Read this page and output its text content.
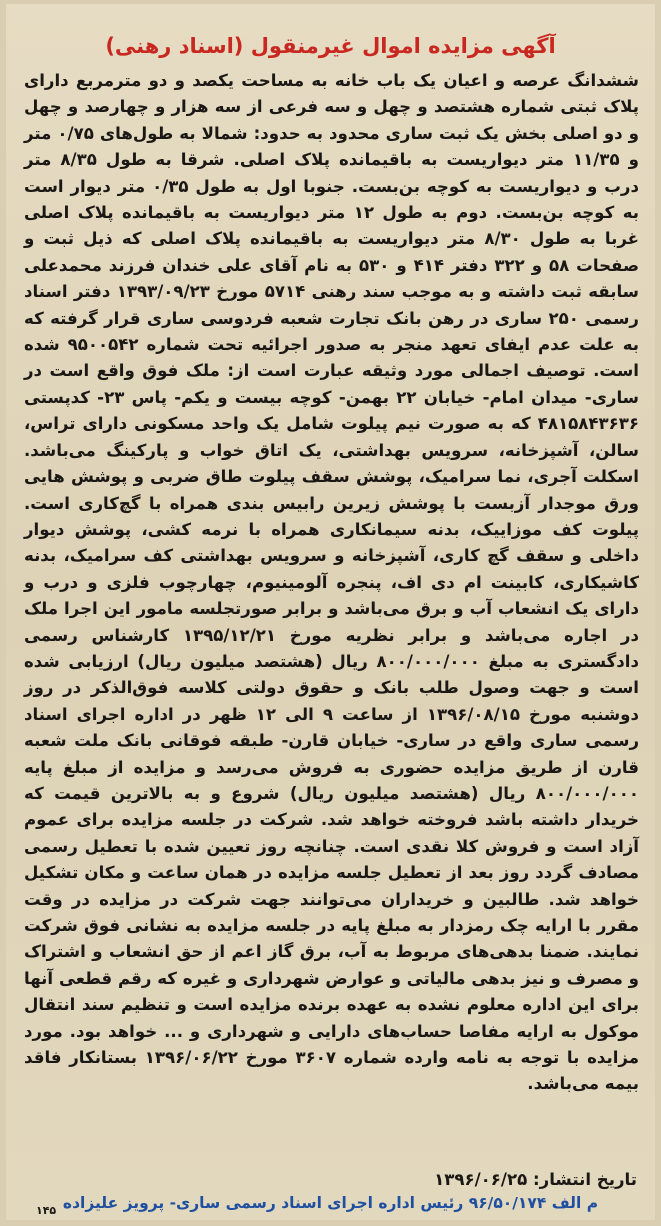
آگهی مزایده اموال غیرمنقول (اسناد رهنی)
ششدانگ عرصه و اعیان یک باب خانه به مساحت یکصد و دو مترمربع دارای پلاک ثبتی شماره هشتصد و چهل و سه فرعی از سه هزار و چهارصد و چهل و دو اصلی بخش یک ثبت ساری محدود به حدود: شمالا به طول‌های ۰/۷۵ متر و ۱۱/۳۵ متر دیواریست به باقیمانده پلاک اصلی. شرقا به طول ۸/۳۵ متر درب و دیواریست به کوچه بن‌بست. جنوبا اول به طول ۰/۳۵ متر دیوار است به کوچه بن‌بست. دوم به طول ۱۲ متر دیواریست به باقیمانده پلاک اصلی غربا به طول ۸/۳۰ متر دیواریست به باقیمانده پلاک اصلی که ذیل ثبت و صفحات ۵۸ و ۳۲۲ دفتر ۴۱۴ و ۵۳۰ به نام آقای علی خندان فرزند محمدعلی سابقه ثبت داشته و به موجب سند رهنی ۵۷۱۴ مورخ ۱۳۹۳/۰۹/۲۳ دفتر اسناد رسمی ۲۵۰ ساری در رهن بانک تجارت شعبه فردوسی ساری قرار گرفته که به علت عدم ایفای تعهد منجر به صدور اجرائیه تحت شماره ۹۵۰۰۵۴۲ شده است. توصیف اجمالی مورد وثیقه عبارت است از: ملک فوق واقع است در ساری- میدان امام- خیابان ۲۲ بهمن- کوچه بیست و یکم- پاس ۲۳- کدپستی ۴۸۱۵۸۴۳۶۳۶ که به صورت نیم پیلوت شامل یک واحد مسکونی دارای تراس، سالن، آشپزخانه، سرویس بهداشتی، یک اتاق خواب و پارکینگ می‌باشد. اسکلت آجری، نما سرامیک، پوشش سقف پیلوت طاق ضربی و پوشش هایی ورق موجدار آزبست با پوشش زیرین رابیس بندی همراه با گچ‌کاری است. پیلوت کف موزاییک، بدنه سیمانکاری همراه با نرمه کشی، پوشش دیوار داخلی و سقف گچ کاری، آشپزخانه و سرویس بهداشتی کف سرامیک، بدنه کاشیکاری، کابینت ام دی اف، پنجره آلومینیوم، چهارچوب فلزی و درب و دارای یک انشعاب آب و برق می‌باشد و برابر صورتجلسه مامور این اجرا ملک در اجاره می‌باشد و برابر نظریه مورخ ۱۳۹۵/۱۲/۲۱ کارشناس رسمی دادگستری به مبلغ ۸۰۰/۰۰۰/۰۰۰ ریال (هشتصد میلیون ریال) ارزیابی شده است و جهت وصول طلب بانک و حقوق دولتی کلاسه فوق‌الذکر در روز دوشنبه مورخ ۱۳۹۶/۰۸/۱۵ از ساعت ۹ الی ۱۲ ظهر در اداره اجرای اسناد رسمی ساری واقع در ساری- خیابان قارن- طبقه فوقانی بانک ملت شعبه قارن از طریق مزایده حضوری به فروش می‌رسد و مزایده از مبلغ پایه ۸۰۰/۰۰۰/۰۰۰ ریال (هشتصد میلیون ریال) شروع و به بالاترین قیمت که خریدار داشته باشد فروخته خواهد شد. شرکت در جلسه مزایده برای عموم آزاد است و فروش کلا نقدی است. چنانچه روز تعیین شده با تعطیل رسمی مصادف گردد روز بعد از تعطیل جلسه مزایده در همان ساعت و مکان تشکیل خواهد شد. طالبین و خریداران می‌توانند جهت شرکت در مزایده در وقت مقرر با ارایه چک رمزدار به مبلغ پایه در جلسه مزایده به نشانی فوق شرکت نمایند. ضمنا بدهی‌های مربوط به آب، برق گاز اعم از حق انشعاب و اشتراک و مصرف و نیز بدهی مالیاتی و عوارض شهرداری و غیره که رقم قطعی آنها برای این اداره معلوم نشده به عهده برنده مزایده است و تنظیم سند انتقال موکول به ارایه مفاصا حساب‌های دارایی و شهرداری و ... خواهد بود. مورد مزایده با توجه به نامه وارده شماره ۳۶۰۷ مورخ ۱۳۹۶/۰۶/۲۲ بستانکار فاقد بیمه می‌باشد.
تاریخ انتشار: ۱۳۹۶/۰۶/۲۵
م الف ۹۶/۵۰/۱۷۴ رئیس اداره اجرای اسناد رسمی ساری- پرویز علیزاده
۱۴۵
